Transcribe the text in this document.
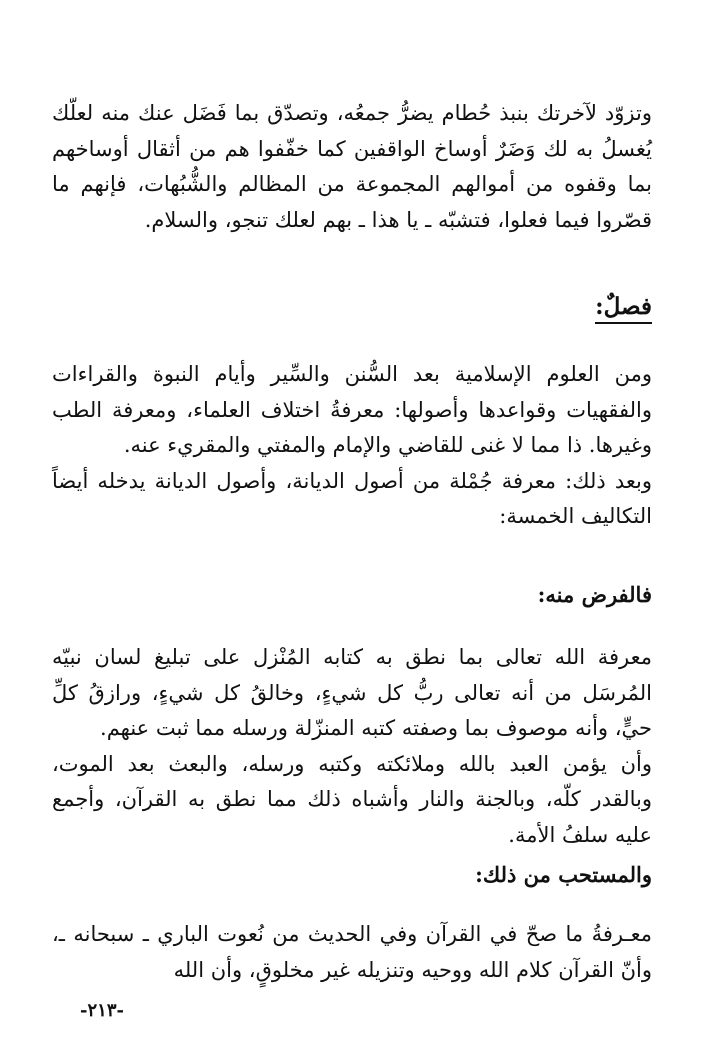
وتزوّد لآخرتك بنبذ حُطام يضرُّ جمعُه، وتصدّق بما فَضَل عنك منه لعلّك يُغسلُ به لك وَضَرٌ أوساخ الواقفين كما خفّفوا هم من أثقال أوساخهم بما وقفوه من أموالهم المجموعة من المظالم والشُّبُهات، فإنهم ما قصّروا فيما فعلوا، فتشبّه ـ يا هذا ـ بهم لعلك تنجو، والسلام.

فصلٌ:

ومن العلوم الإسلامية بعد السُّنن والسِّير وأيام النبوة والقراءات والفقهيات وقواعدها وأصولها: معرفةُ اختلاف العلماء، ومعرفة الطب وغيرها. ذا مما لا غنى للقاضي والإمام والمفتي والمقريء عنه.

وبعد ذلك: معرفة جُمْلة من أصول الديانة، وأصول الديانة يدخله أيضاً التكاليف الخمسة:

فالفرض منه:

معرفة الله تعالى بما نطق به كتابه المُنْزل على تبليغ لسان نبيّه المُرسَل من أنه تعالى ربُّ كل شيءٍ، وخالقُ كل شيءٍ، ورازقُ كلِّ حيٍّ، وأنه موصوف بما وصفته كتبه المنزّلة ورسله مما ثبت عنهم.

وأن يؤمن العبد بالله وملائكته وكتبه ورسله، والبعث بعد الموت، وبالقدر كلّه، وبالجنة والنار وأشباه ذلك مما نطق به القرآن، وأجمع عليه سلفُ الأمة.

والمستحب من ذلك:

معـرفةُ ما صحّ في القرآن وفي الحديث من نُعوت الباري ـ سبحانه ـ، وأنّ القرآن كلام الله ووحيه وتنزيله غير مخلوقٍ، وأن الله

-٢١٣-
